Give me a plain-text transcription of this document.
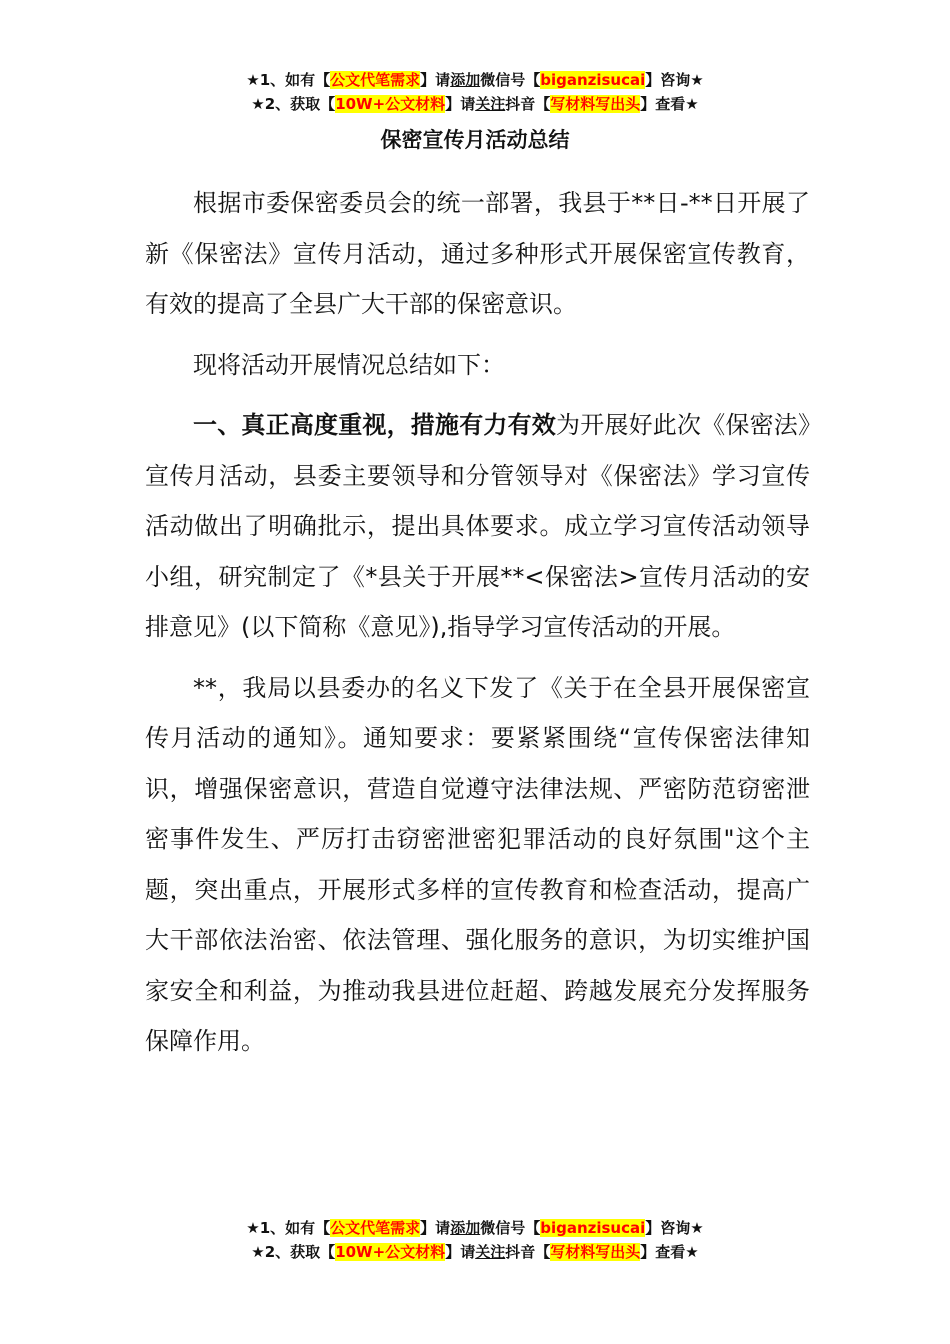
★1、如有【公文代笔需求】请添加微信号【biganzisucai】咨询★
★2、获取【10W+公文材料】请关注抖音【写材料写出头】查看★
保密宣传月活动总结

根据市委保密委员会的统一部署，我县于**日-**日开展了新《保密法》宣传月活动，通过多种形式开展保密宣传教育，有效的提高了全县广大干部的保密意识。

现将活动开展情况总结如下：

一、真正高度重视，措施有力有效为开展好此次《保密法》宣传月活动，县委主要领导和分管领导对《保密法》学习宣传活动做出了明确批示，提出具体要求。成立学习宣传活动领导小组，研究制定了《*县关于开展**<保密法>宣传月活动的安排意见》(以下简称《意见》),指导学习宣传活动的开展。

**，我局以县委办的名义下发了《关于在全县开展保密宣传月活动的通知》。通知要求：要紧紧围绕“宣传保密法律知识，增强保密意识，营造自觉遵守法律法规、严密防范窃密泄密事件发生、严厉打击窃密泄密犯罪活动的良好氛围"这个主题，突出重点，开展形式多样的宣传教育和检查活动，提高广大干部依法治密、依法管理、强化服务的意识，为切实维护国家安全和利益，为推动我县进位赶超、跨越发展充分发挥服务保障作用。

★1、如有【公文代笔需求】请添加微信号【biganzisucai】咨询★
★2、获取【10W+公文材料】请关注抖音【写材料写出头】查看★
